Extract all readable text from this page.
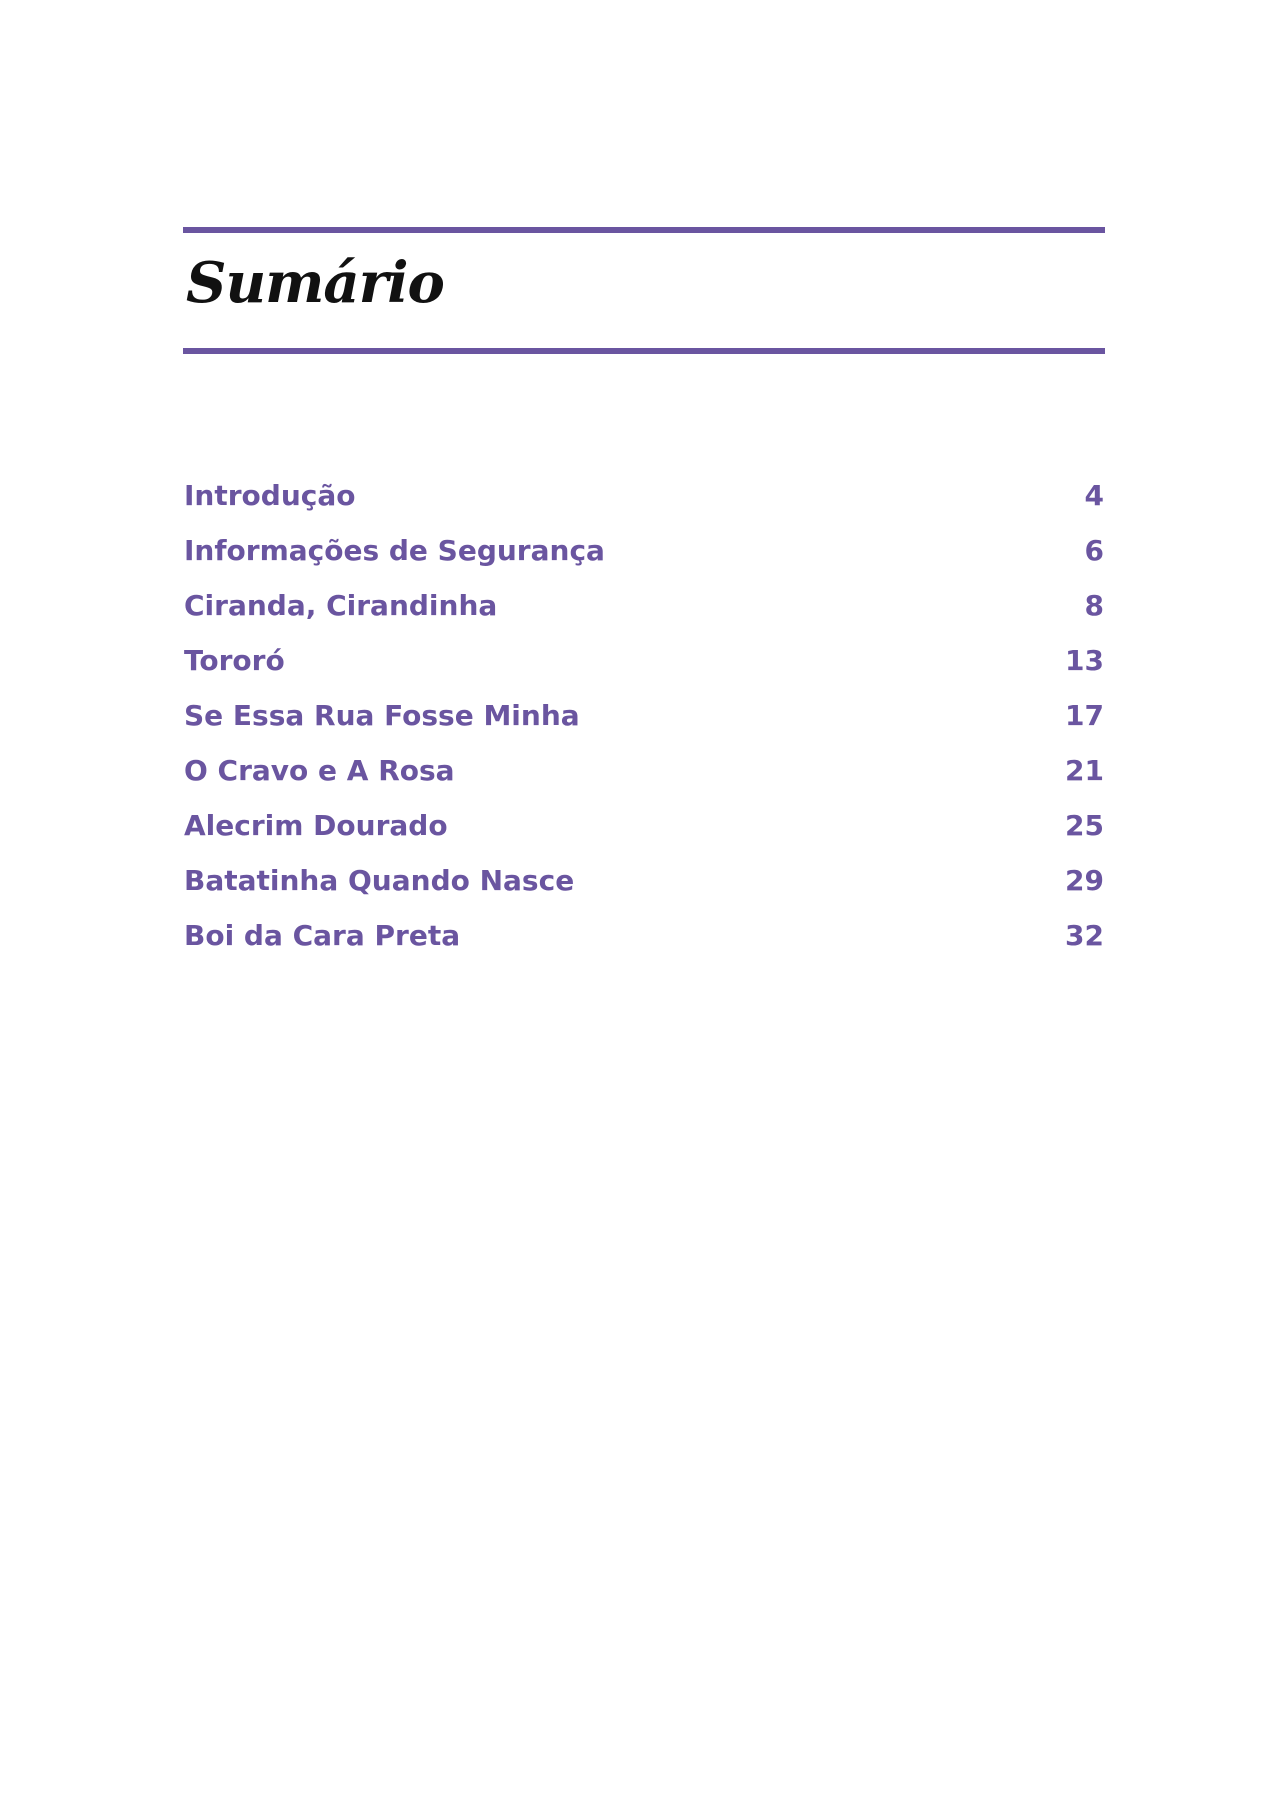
Sumário
Introdução	4
Informações de Segurança	6
Ciranda, Cirandinha	8
Tororó	13
Se Essa Rua Fosse Minha	17
O Cravo e A Rosa	21
Alecrim Dourado	25
Batatinha Quando Nasce	29
Boi da Cara Preta	32
